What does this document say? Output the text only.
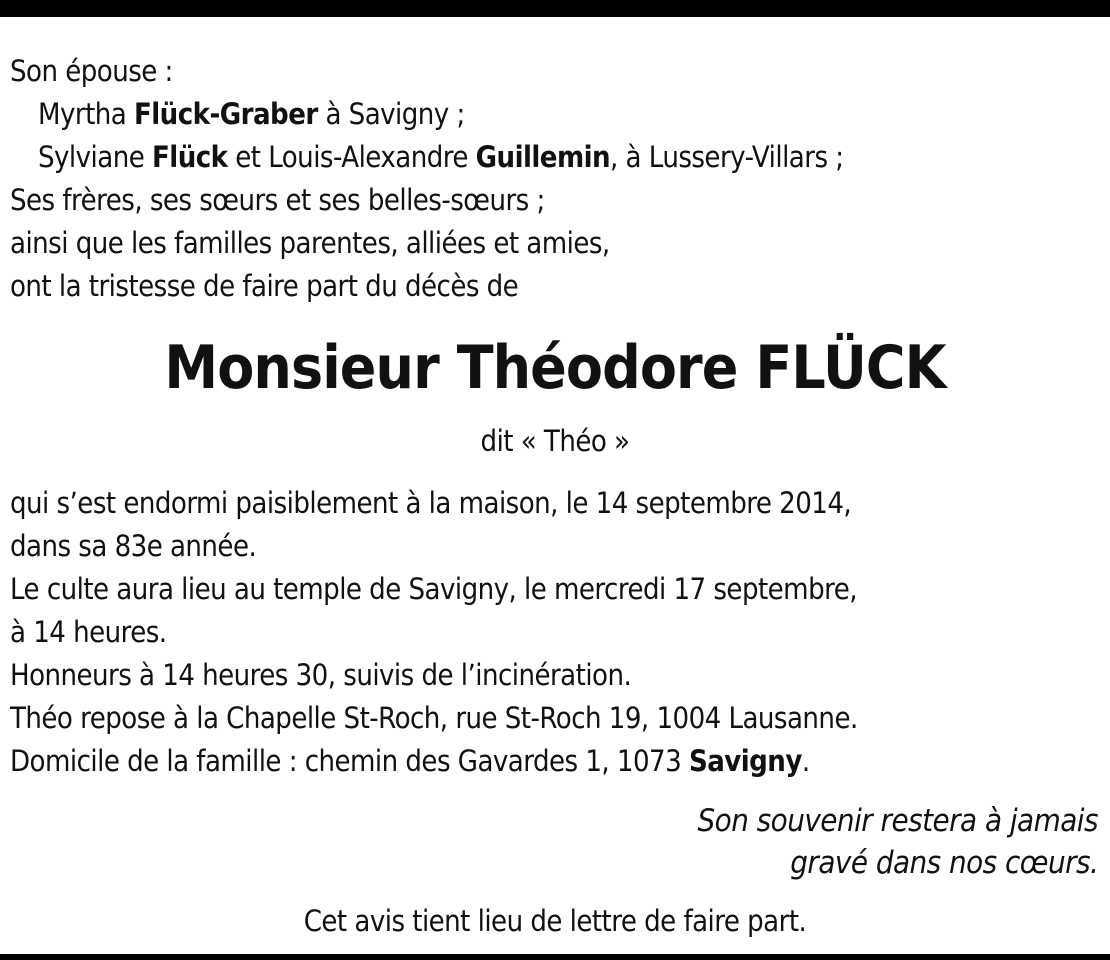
Son épouse :
Myrtha Flück-Graber à Savigny ;
Sylviane Flück et Louis-Alexandre Guillemin, à Lussery-Villars ;
Ses frères, ses sœurs et ses belles-sœurs ;
ainsi que les familles parentes, alliées et amies,
ont la tristesse de faire part du décès de
Monsieur Théodore FLÜCK
dit « Théo »
qui s’est endormi paisiblement à la maison, le 14 septembre 2014,
dans sa 83e année.
Le culte aura lieu au temple de Savigny, le mercredi 17 septembre,
à 14 heures.
Honneurs à 14 heures 30, suivis de l’incinération.
Théo repose à la Chapelle St-Roch, rue St-Roch 19, 1004 Lausanne.
Domicile de la famille : chemin des Gavardes 1, 1073 Savigny.
Son souvenir restera à jamais
gravé dans nos cœurs.
Cet avis tient lieu de lettre de faire part.
